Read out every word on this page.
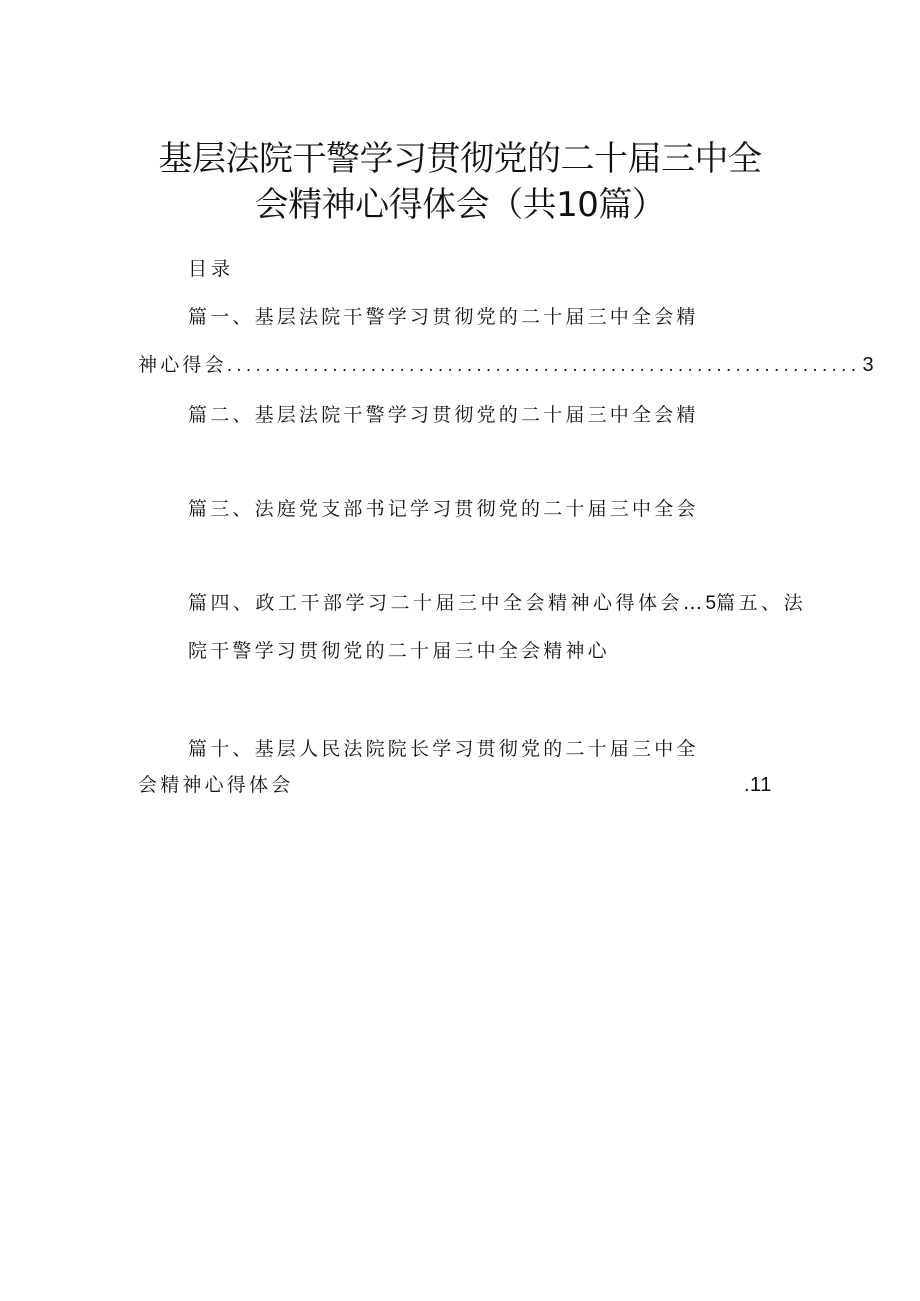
基层法院干警学习贯彻党的二十届三中全
会精神心得体会（共10篇）
目录
篇一、基层法院干警学习贯彻党的二十届三中全会精
神心得会 .................................................................. 3
篇二、基层法院干警学习贯彻党的二十届三中全会精
篇三、法庭党支部书记学习贯彻党的二十届三中全会
篇四、政工干部学习二十届三中全会精神心得体会…5篇五、法
院干警学习贯彻党的二十届三中全会精神心
篇十、基层人民法院院长学习贯彻党的二十届三中全
会精神心得体会	.11
